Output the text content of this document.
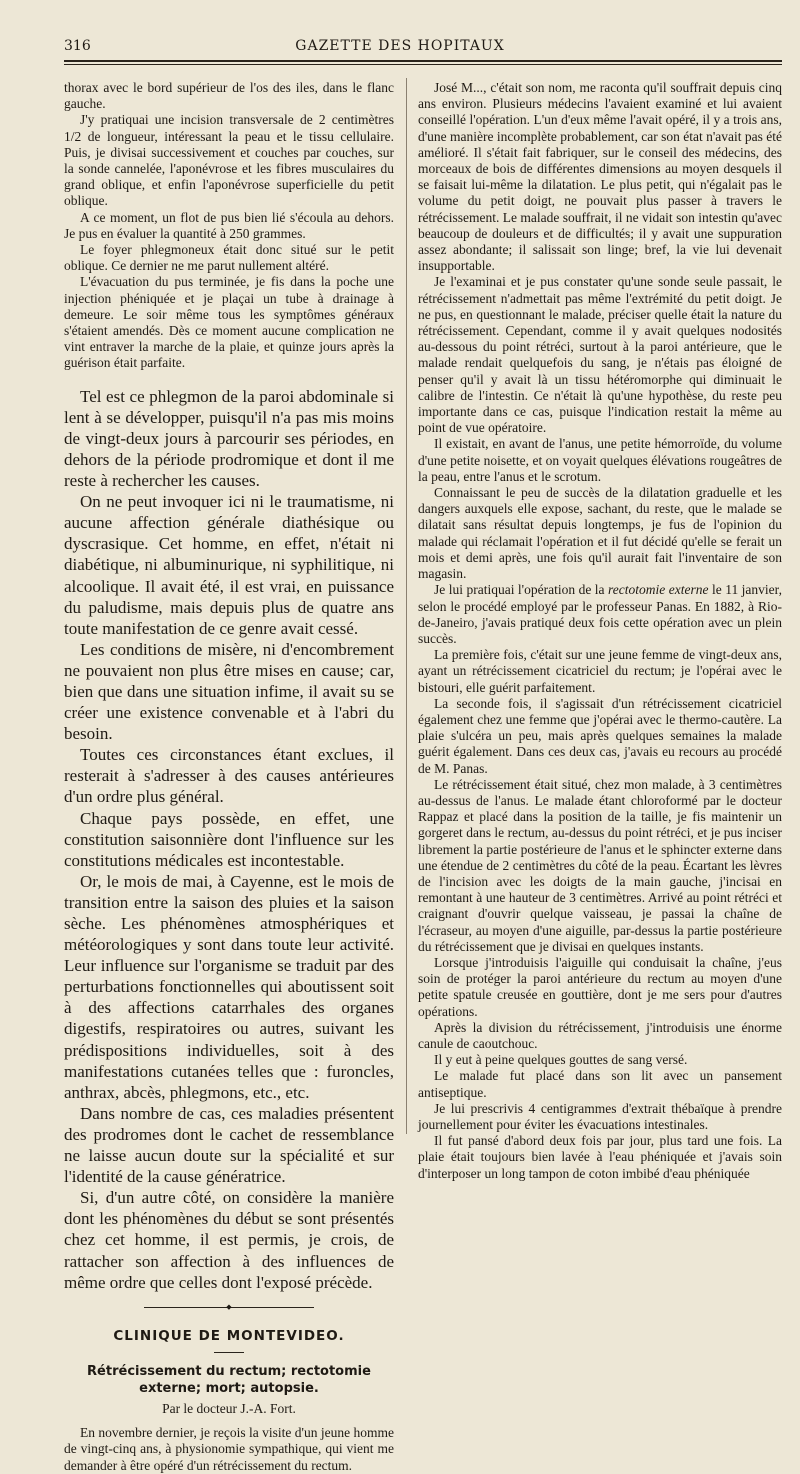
316	GAZETTE DES HOPITAUX

thorax avec le bord supérieur de l'os des iles, dans le flanc gauche.

J'y pratiquai une incision transversale de 2 centimètres 1/2 de longueur, intéressant la peau et le tissu cellulaire. Puis, je divisai successivement et couches par couches, sur la sonde cannelée, l'aponévrose et les fibres musculaires du grand oblique, et enfin l'aponévrose superficielle du petit oblique.

A ce moment, un flot de pus bien lié s'écoula au dehors. Je pus en évaluer la quantité à 250 grammes.

Le foyer phlegmoneux était donc situé sur le petit oblique. Ce dernier ne me parut nullement altéré.

L'évacuation du pus terminée, je fis dans la poche une injection phéniquée et je plaçai un tube à drainage à demeure. Le soir même tous les symptômes généraux s'étaient amendés. Dès ce moment aucune complication ne vint entraver la marche de la plaie, et quinze jours après la guérison était parfaite.

Tel est ce phlegmon de la paroi abdominale si lent à se développer, puisqu'il n'a pas mis moins de vingt-deux jours à parcourir ses périodes, en dehors de la période prodromique et dont il me reste à rechercher les causes.

On ne peut invoquer ici ni le traumatisme, ni aucune affection générale diathésique ou dyscrasique. Cet homme, en effet, n'était ni diabétique, ni albuminurique, ni syphilitique, ni alcoolique. Il avait été, il est vrai, en puissance du paludisme, mais depuis plus de quatre ans toute manifestation de ce genre avait cessé.

Les conditions de misère, ni d'encombrement ne pouvaient non plus être mises en cause; car, bien que dans une situation infime, il avait su se créer une existence convenable et à l'abri du besoin.

Toutes ces circonstances étant exclues, il resterait à s'adresser à des causes antérieures d'un ordre plus général.

Chaque pays possède, en effet, une constitution saisonnière dont l'influence sur les constitutions médicales est incontestable.

Or, le mois de mai, à Cayenne, est le mois de transition entre la saison des pluies et la saison sèche. Les phénomènes atmosphériques et météorologiques y sont dans toute leur activité. Leur influence sur l'organisme se traduit par des perturbations fonctionnelles qui aboutissent soit à des affections catarrhales des organes digestifs, respiratoires ou autres, suivant les prédispositions individuelles, soit à des manifestations cutanées telles que : furoncles, anthrax, abcès, phlegmons, etc., etc.

Dans nombre de cas, ces maladies présentent des prodromes dont le cachet de ressemblance ne laisse aucun doute sur la spécialité et sur l'identité de la cause génératrice.

Si, d'un autre côté, on considère la manière dont les phénomènes du début se sont présentés chez cet homme, il est permis, je crois, de rattacher son affection à des influences de même ordre que celles dont l'exposé précède.

◆
CLINIQUE DE MONTEVIDEO.
Rétrécissement du rectum; rectotomie externe; mort; autopsie.
Par le docteur J.-A. Fort.

En novembre dernier, je reçois la visite d'un jeune homme de vingt-cinq ans, à physionomie sympathique, qui vient me demander à être opéré d'un rétrécissement du rectum.

José M..., c'était son nom, me raconta qu'il souffrait depuis cinq ans environ. Plusieurs médecins l'avaient examiné et lui avaient conseillé l'opération. L'un d'eux même l'avait opéré, il y a trois ans, d'une manière incomplète probablement, car son état n'avait pas été amélioré. Il s'était fait fabriquer, sur le conseil des médecins, des morceaux de bois de différentes dimensions au moyen desquels il se faisait lui-même la dilatation. Le plus petit, qui n'égalait pas le volume du petit doigt, ne pouvait plus passer à travers le rétrécissement. Le malade souffrait, il ne vidait son intestin qu'avec beaucoup de douleurs et de difficultés; il y avait une suppuration assez abondante; il salissait son linge; bref, la vie lui devenait insupportable.

Je l'examinai et je pus constater qu'une sonde seule passait, le rétrécissement n'admettait pas même l'extrémité du petit doigt. Je ne pus, en questionnant le malade, préciser quelle était la nature du rétrécissement. Cependant, comme il y avait quelques nodosités au-dessous du point rétréci, surtout à la paroi antérieure, que le malade rendait quelquefois du sang, je n'étais pas éloigné de penser qu'il y avait là un tissu hétéromorphe qui diminuait le calibre de l'intestin. Ce n'était là qu'une hypothèse, du reste peu importante dans ce cas, puisque l'indication restait la même au point de vue opératoire.

Il existait, en avant de l'anus, une petite hémorroïde, du volume d'une petite noisette, et on voyait quelques élévations rougeâtres de la peau, entre l'anus et le scrotum.

Connaissant le peu de succès de la dilatation graduelle et les dangers auxquels elle expose, sachant, du reste, que le malade se dilatait sans résultat depuis longtemps, je fus de l'opinion du malade qui réclamait l'opération et il fut décidé qu'elle se ferait un mois et demi après, une fois qu'il aurait fait l'inventaire de son magasin.

Je lui pratiquai l'opération de la rectotomie externe le 11 janvier, selon le procédé employé par le professeur Panas. En 1882, à Rio-de-Janeiro, j'avais pratiqué deux fois cette opération avec un plein succès.

La première fois, c'était sur une jeune femme de vingt-deux ans, ayant un rétrécissement cicatriciel du rectum; je l'opérai avec le bistouri, elle guérit parfaitement.

La seconde fois, il s'agissait d'un rétrécissement cicatriciel également chez une femme que j'opérai avec le thermo-cautère. La plaie s'ulcéra un peu, mais après quelques semaines la malade guérit également. Dans ces deux cas, j'avais eu recours au procédé de M. Panas.

Le rétrécissement était situé, chez mon malade, à 3 centimètres au-dessus de l'anus. Le malade étant chloroformé par le docteur Rappaz et placé dans la position de la taille, je fis maintenir un gorgeret dans le rectum, au-dessus du point rétréci, et je pus inciser librement la partie postérieure de l'anus et le sphincter externe dans une étendue de 2 centimètres du côté de la peau. Écartant les lèvres de l'incision avec les doigts de la main gauche, j'incisai en remontant à une hauteur de 3 centimètres. Arrivé au point rétréci et craignant d'ouvrir quelque vaisseau, je passai la chaîne de l'écraseur, au moyen d'une aiguille, par-dessus la partie postérieure du rétrécissement que je divisai en quelques instants.

Lorsque j'introduisis l'aiguille qui conduisait la chaîne, j'eus soin de protéger la paroi antérieure du rectum au moyen d'une petite spatule creusée en gouttière, dont je me sers pour d'autres opérations.

Après la division du rétrécissement, j'introduisis une énorme canule de caoutchouc.

Il y eut à peine quelques gouttes de sang versé.

Le malade fut placé dans son lit avec un pansement antiseptique.

Je lui prescrivis 4 centigrammes d'extrait thébaïque à prendre journellement pour éviter les évacuations intestinales.

Il fut pansé d'abord deux fois par jour, plus tard une fois. La plaie était toujours bien lavée à l'eau phéniquée et j'avais soin d'interposer un long tampon de coton imbibé d'eau phéniquée
